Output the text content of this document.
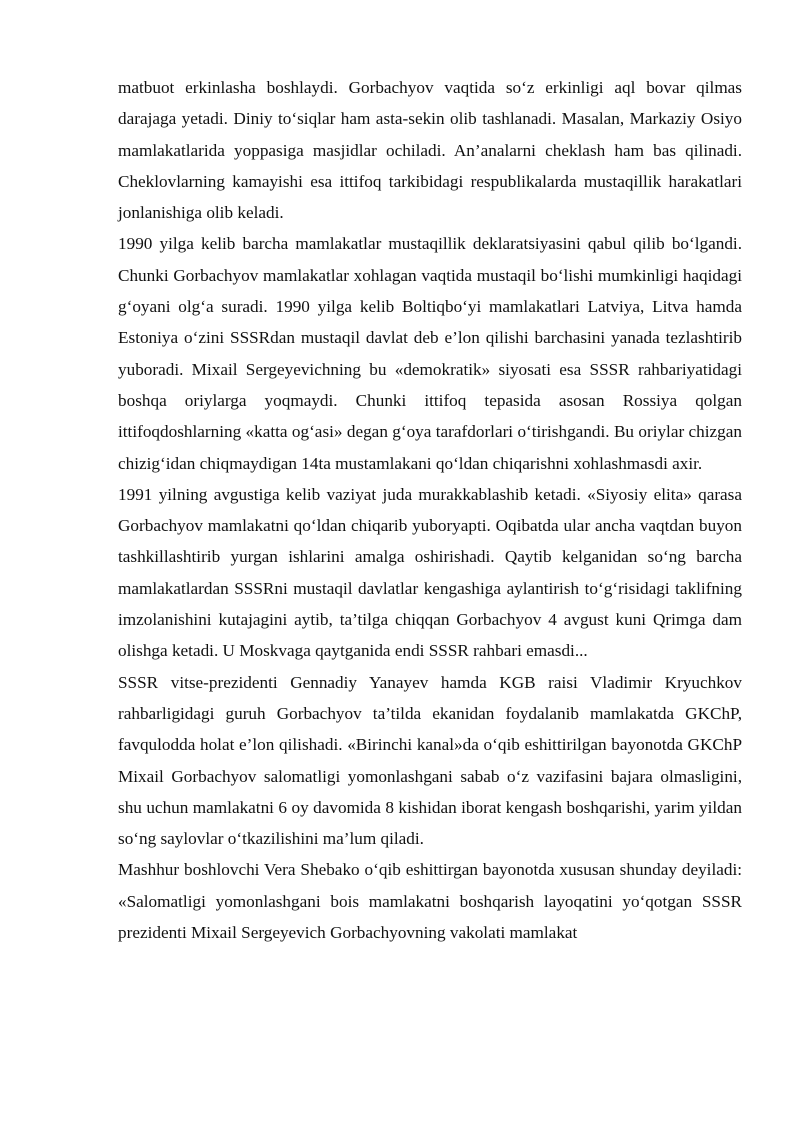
matbuot erkinlasha boshlaydi. Gorbachyov vaqtida so‘z erkinligi aql bovar qilmas darajaga yetadi. Diniy to‘siqlar ham asta-sekin olib tashlanadi. Masalan, Markaziy Osiyo mamlakatlarida yoppasiga masjidlar ochiladi. An’analarni cheklash ham bas qilinadi. Cheklovlarning kamayishi esa ittifoq tarkibidagi respublikalarda mustaqillik harakatlari jonlanishiga olib keladi.

1990 yilga kelib barcha mamlakatlar mustaqillik deklaratsiyasini qabul qilib bo‘lgandi. Chunki Gorbachyov mamlakatlar xohlagan vaqtida mustaqil bo‘lishi mumkinligi haqidagi g‘oyani olg‘a suradi. 1990 yilga kelib Boltiqbo‘yi mamlakatlari Latviya, Litva hamda Estoniya o‘zini SSSRdan mustaqil davlat deb e’lon qilishi barchasini yanada tezlashtirib yuboradi. Mixail Sergeyevichning bu «demokratik» siyosati esa SSSR rahbariyatidagi boshqa oriylarga yoqmaydi. Chunki ittifoq tepasida asosan Rossiya qolgan ittifoqdoshlarning «katta og‘asi» degan g‘oya tarafdorlari o‘tirishgandi. Bu oriylar chizgan chizig‘idan chiqmaydigan 14ta mustamlakani qo‘ldan chiqarishni xohlashmasdi axir.

1991 yilning avgustiga kelib vaziyat juda murakkablashib ketadi. «Siyosiy elita» qarasa Gorbachyov mamlakatni qo‘ldan chiqarib yuboryapti. Oqibatda ular ancha vaqtdan buyon tashkillashtirib yurgan ishlarini amalga oshirishadi. Qaytib kelganidan so‘ng barcha mamlakatlardan SSSRni mustaqil davlatlar kengashiga aylantirish to‘g‘risidagi taklifning imzolanishini kutajagini aytib, ta’tilga chiqqan Gorbachyov 4 avgust kuni Qrimga dam olishga ketadi. U Moskvaga qaytganida endi SSSR rahbari emasdi...

SSSR vitse-prezidenti Gennadiy Yanayev hamda KGB raisi Vladimir Kryuchkov rahbarligidagi guruh Gorbachyov ta’tilda ekanidan foydalanib mamlakatda GKChP, favqulodda holat e’lon qilishadi. «Birinchi kanal»da o‘qib eshittirilgan bayonotda GKChP Mixail Gorbachyov salomatligi yomonlashgani sabab o‘z vazifasini bajara olmasligini, shu uchun mamlakatni 6 oy davomida 8 kishidan iborat kengash boshqarishi, yarim yildan so‘ng saylovlar o‘tkazilishini ma’lum qiladi.

Mashhur boshlovchi Vera Shebako o‘qib eshittirgan bayonotda xususan shunday deyiladi: «Salomatligi yomonlashgani bois mamlakatni boshqarish layoqatini yo‘qotgan SSSR prezidenti Mixail Sergeyevich Gorbachyovning vakolati mamlakat
